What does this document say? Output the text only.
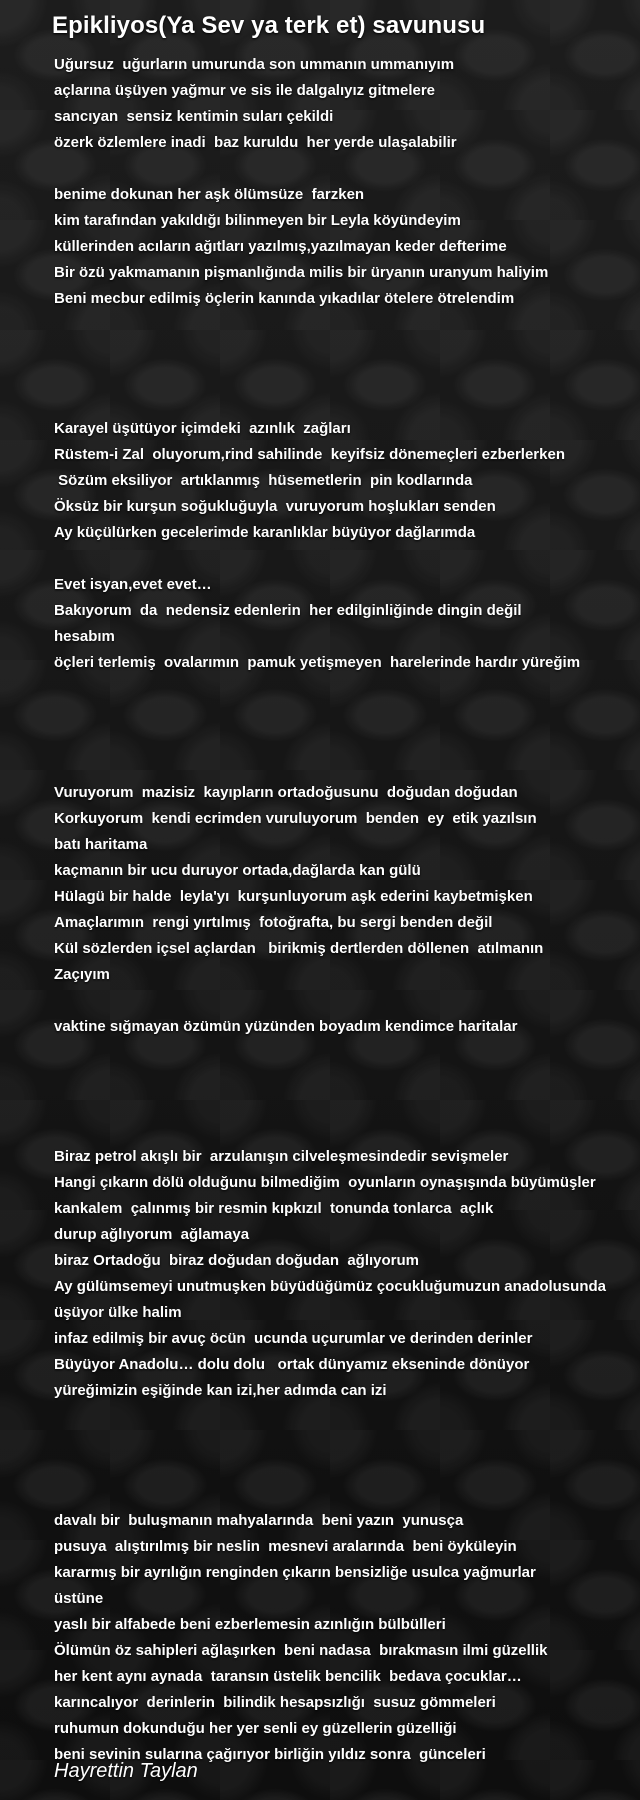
Epikliyos(Ya Sev ya terk et) savunusu
Uğursuz  uğurların umurunda son ummanın ummanıyım
açlarına üşüyen yağmur ve sis ile dalgalıyız gitmelere
sancıyan  sensiz kentimin suları çekildi
özerk özlemlere inadi  baz kuruldu  her yerde ulaşalabilir
benime dokunan her aşk ölümsüze  farzken
kim tarafından yakıldığı bilinmeyen bir Leyla köyündeyim
küllerinden acıların ağıtları yazılmış,yazılmayan keder defterime
Bir özü yakmamanın pişmanlığında milis bir üryanın uranyum haliyim
Beni mecbur edilmiş öçlerin kanında yıkadılar ötelere ötrelendim
Karayel üşütüyor içimdeki  azınlık  zağları
Rüstem-i Zal  oluyorum,rind sahilinde  keyifsiz dönemeçleri ezberlerken
Sözüm eksiliyor  artıklanmış  hüsemetlerin  pin kodlarında
Öksüz bir kurşun soğukluğuyla  vuruyorum hoşlukları senden
Ay küçülürken gecelerimde karanlıklar büyüyor dağlarımda
Evet isyan,evet evet…
Bakıyorum  da  nedensiz edenlerin  her edilginliğinde dingin değil
hesabım
öçleri terlemiş  ovalarımın  pamuk yetişmeyen  harelerinde hardır yüreğim
Vuruyorum  mazisiz  kayıpların ortadoğusunu  doğudan doğudan
Korkuyorum  kendi ecrimden vuruluyorum  benden  ey  etik yazılsın
batı haritama
kaçmanın bir ucu duruyor ortada,dağlarda kan gülü
Hülagü bir halde  leyla'yı  kurşunluyorum aşk ederini kaybetmişken
Amaçlarımın  rengi yırtılmış  fotoğrafta, bu sergi benden değil
Kül sözlerden içsel açlardan   birikmiş dertlerden döllenen  atılmanın
Zaçıyım
vaktine sığmayan özümün yüzünden boyadım kendimce haritalar
Biraz petrol akışlı bir  arzulanışın cilveleşmesindedir sevişmeler
Hangi çıkarın dölü olduğunu bilmediğim  oyunların oynaşışında büyümüşler
kankalem  çalınmış bir resmin kıpkızıl  tonunda tonlarca  açlık
durup ağlıyorum  ağlamaya
biraz Ortadoğu  biraz doğudan doğudan  ağlıyorum
Ay gülümsemeyi unutmuşken büyüdüğümüz çocukluğumuzun anadolusunda
üşüyor ülke halim
infaz edilmiş bir avuç öcün  ucunda uçurumlar ve derinden derinler
Büyüyor Anadolu… dolu dolu   ortak dünyamız ekseninde dönüyor
yüreğimizin eşiğinde kan izi,her adımda can izi
davalı bir  buluşmanın mahyalarında  beni yazın  yunusça
pusuya  alıştırılmış bir neslin  mesnevi aralarında  beni öyküleyin
kararmış bir ayrılığın renginden çıkarın bensizliğe usulca yağmurlar
üstüne
yaslı bir alfabede beni ezberlemesin azınlığın bülbülleri
Ölümün öz sahipleri ağlaşırken  beni nadasa  bırakmasın ilmi güzellik
her kent aynı aynada  taransın üstelik bencilik  bedava çocuklar…
karıncalıyor  derinlerin  bilindik hesapsızlığı  susuz gömmeleri
ruhumun dokunduğu her yer senli ey güzellerin güzelliği
beni sevinin sularına çağırıyor birliğin yıldız sonra  günceleri
Hayrettin Taylan
